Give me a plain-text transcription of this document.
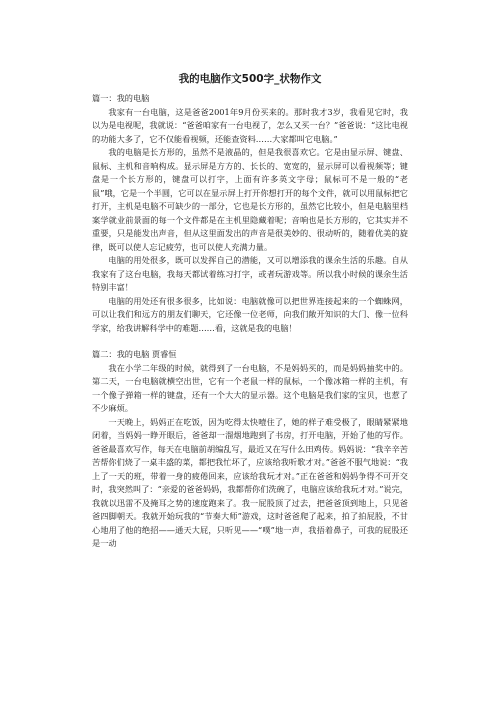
我的电脑作文500字_状物作文

篇一：我的电脑

我家有一台电脑，这是爸爸2001年9月份买来的。那时我才3岁，我看见它时，我以为是电视呢，我就说：“爸爸咱家有一台电视了，怎么又买一台？”爸爸说：“这比电视的功能大多了，它不仅能看视频，还能查资料……大家都叫它电脑。”

我的电脑是长方形的，虽然不是液晶的，但是我很喜欢它。它是由显示屏、键盘、鼠标、主机和音响构成。显示屏是方方的、长长的、宽宽的，显示屏可以看视频等；键盘是一个长方形的，键盘可以打字，上面有许多英文字母；鼠标可不是一般的“老鼠”哦，它是一个半圆，它可以在显示屏上打开你想打开的每个文件，就可以用鼠标把它打开，主机是电脑不可缺少的一部分，它也是长方形的，虽然它比较小，但是电脑里档案学就业前景面的每一个文件都是在主机里隐藏着呢；音响也是长方形的，它其实并不重要，只是能发出声音，但从这里面发出的声音是很美妙的、很动听的，随着优美的旋律，既可以使人忘记疲劳，也可以使人充满力量。

电脑的用处很多，既可以发挥自己的潜能，又可以增添我的课余生活的乐趣。自从我家有了这台电脑，我每天都试着练习打字，或者玩游戏等。所以我小时候的课余生活特别丰富！

电脑的用处还有很多很多，比如说：电脑就像可以把世界连接起来的一个蜘蛛网，可以让我们和远方的朋友们聊天，它还像一位老师，向我们敞开知识的大门、像一位科学家，给我讲解科学中的难题……看，这就是我的电脑！

篇二：我的电脑 贾睿恒

我在小学二年级的时候，就得到了一台电脑，不是妈妈买的，而是妈妈抽奖中的。第二天，一台电脑就横空出世，它有一个老鼠一样的鼠标，一个像冰箱一样的主机，有一个像子弹箱一样的键盘，还有一个大大的显示器。这个电脑是我们家的宝贝，也惹了不少麻烦。

一天晚上，妈妈正在吃饭，因为吃得太快噎住了，她的样子难受极了，眼睛紧紧地闭着，当妈妈一睁开眼后，爸爸却一溜烟地跑到了书房，打开电脑，开始了他的写作。爸爸最喜欢写作，每天在电脑前胡编乱写，最近又在写什么田鸡传。妈妈说：“我辛辛苦苦帮你们烧了一桌丰盛的菜，都把我忙坏了，应该给我听歌才对。”爸爸不服气地说：“我上了一天的班，带着一身的疲倦回来，应该给我玩才对。”正在爸爸和妈妈争得不可开交时，我突然叫了：“亲爱的爸爸妈妈，我都帮你们洗碗了，电脑应该给我玩才对。”说完，我就以迅雷不及掩耳之势的速度跑来了。我一屁股顶了过去，把爸爸顶到地上，只见爸爸四脚朝天。我就开始玩我的“节奏大师”游戏，这时爸爸爬了起来，拍了拍屁股，不甘心地用了他的绝招——通天大屁，只听见——“噗”地一声，我捂着鼻子，可我的屁股还是一动
